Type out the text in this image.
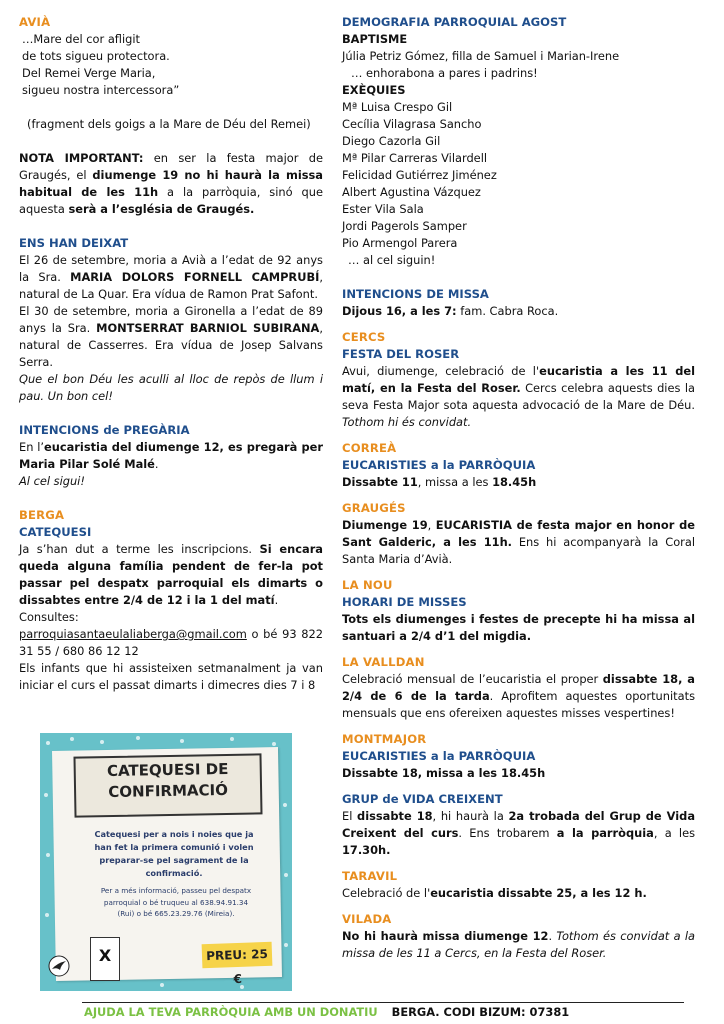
AVIÀ

…Mare del cor afligit

de tots sigueu protectora.

Del Remei Verge Maria,

sigueu nostra intercessora”

(fragment dels goigs a la Mare de Déu del Remei)

NOTA IMPORTANT: en ser la festa major de Graugés, el diumenge 19 no hi haurà la missa habitual de les 11h a la parròquia, sinó que aquesta serà a l’església de Graugés.

ENS HAN DEIXAT

El 26 de setembre, moria a Avià a l’edat de 92 anys la Sra. MARIA DOLORS FORNELL CAMPRUBÍ, natural de La Quar. Era vídua de Ramon Prat Safont.

El 30 de setembre, moria a Gironella a l’edat de 89 anys la Sra. MONTSERRAT BARNIOL SUBIRANA, natural de Casserres. Era vídua de Josep Salvans Serra.

Que el bon Déu les aculli al lloc de repòs de llum i pau. Un bon cel!

INTENCIONS de PREGÀRIA

En l’eucaristia del diumenge 12, es pregarà per Maria Pilar Solé Malé.

Al cel sigui!

BERGA

CATEQUESI

Ja s’han dut a terme les inscripcions. Si encara queda alguna família pendent de fer-la pot passar pel despatx parroquial els dimarts o dissabtes entre 2/4 de 12 i la 1 del matí.

Consultes:

parroquiasantaeulaliaberga@gmail.com o bé 93 822 31 55 / 680 86 12 12

Els infants que hi assisteixen setmanalment ja van iniciar el curs el passat dimarts i dimecres dies 7 i 8

CATEQUESI DE
CONFIRMACIÓ
Catequesi per a nois i noies que ja han fet la primera comunió i volen preparar-se pel sagrament de la confirmació.
Per a més informació, passeu pel despatx parroquial o bé truqueu al 638.94.91.34 (Rui) o bé 665.23.29.76 (Mireia).
X	PREU: 25 €

DEMOGRAFIA PARROQUIAL AGOST

BAPTISME

Júlia Petriz Gómez, filla de Samuel i Marian-Irene

… enhorabona a pares i padrins!

EXÈQUIES

Mª Luisa Crespo Gil

Cecília Vilagrasa Sancho

Diego Cazorla Gil

Mª Pilar Carreras Vilardell

Felicidad Gutiérrez Jiménez

Albert Agustina Vázquez

Ester Vila Sala

Jordi Pagerols Samper

Pio Armengol Parera

… al cel siguin!

INTENCIONS DE MISSA

Dijous 16, a les 7: fam. Cabra Roca.

CERCS

FESTA DEL ROSER

Avui, diumenge, celebració de l'eucaristia a les 11 del matí, en la Festa del Roser. Cercs celebra aquests dies la seva Festa Major sota aquesta advocació de la Mare de Déu. Tothom hi és convidat.

CORREÀ

EUCARISTIES a la PARRÒQUIA

Dissabte 11, missa a les 18.45h

GRAUGÉS

Diumenge 19, EUCARISTIA de festa major en honor de Sant Galderic, a les 11h. Ens hi acompanyarà la Coral Santa Maria d’Avià.

LA NOU

HORARI DE MISSES

Tots els diumenges i festes de precepte hi ha missa al santuari a 2/4 d’1 del migdia.

LA VALLDAN

Celebració mensual de l’eucaristia el proper dissabte 18, a 2/4 de 6 de la tarda. Aprofitem aquestes oportunitats mensuals que ens ofereixen aquestes misses vespertines!

MONTMAJOR

EUCARISTIES a la PARRÒQUIA

Dissabte 18, missa a les 18.45h

GRUP de VIDA CREIXENT

El dissabte 18, hi haurà la 2a trobada del Grup de Vida Creixent del curs. Ens trobarem a la parròquia, a les 17.30h.

TARAVIL

Celebració de l'eucaristia dissabte 25, a les 12 h.

VILADA

No hi haurà missa diumenge 12. Tothom és convidat a la missa de les 11 a Cercs, en la Festa del Roser.

AJUDA LA TEVA PARRÒQUIA AMB UN DONATIU BERGA. CODI BIZUM: 07381
